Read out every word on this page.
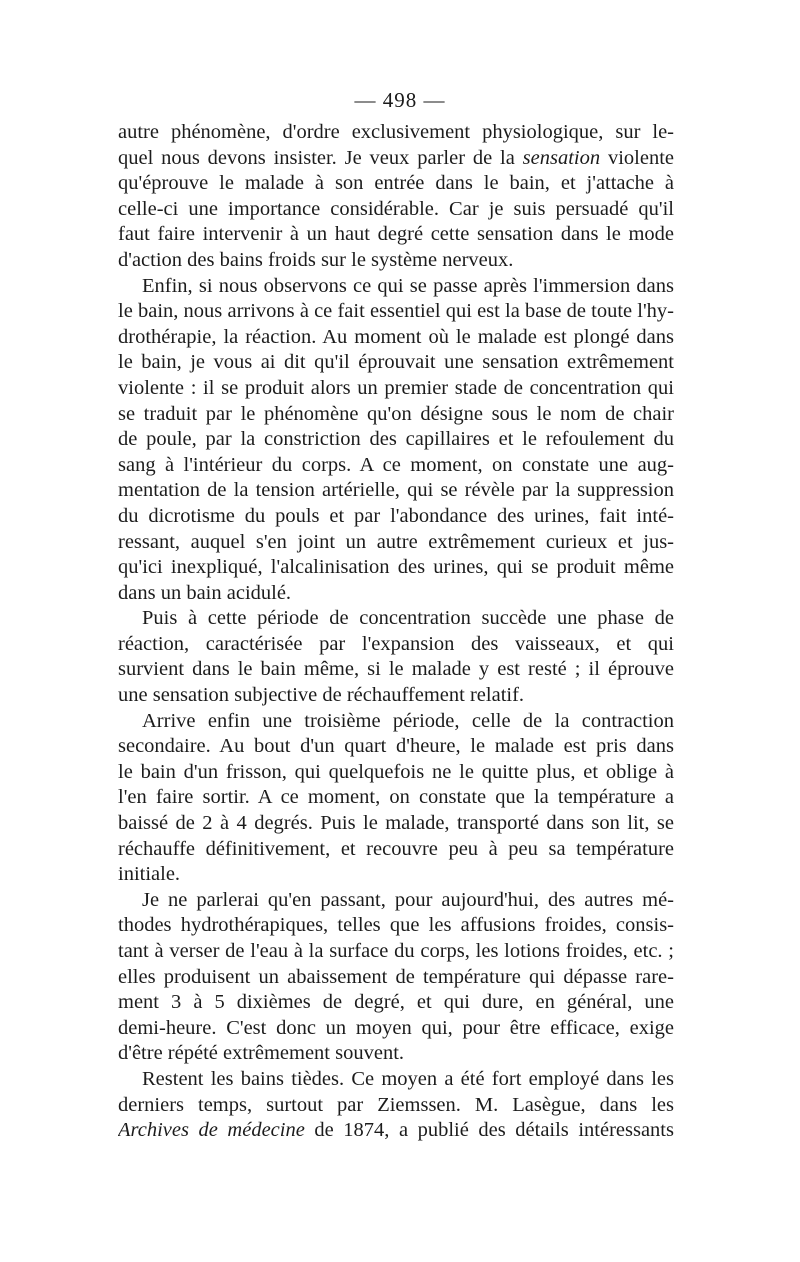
— 498 —
autre phénomène, d'ordre exclusivement physiologique, sur le-
quel nous devons insister. Je veux parler de la sensation violente
qu'éprouve le malade à son entrée dans le bain, et j'attache à
celle-ci une importance considérable. Car je suis persuadé qu'il
faut faire intervenir à un haut degré cette sensation dans le mode
d'action des bains froids sur le système nerveux.
Enfin, si nous observons ce qui se passe après l'immersion dans
le bain, nous arrivons à ce fait essentiel qui est la base de toute l'hy-
drothérapie, la réaction. Au moment où le malade est plongé dans
le bain, je vous ai dit qu'il éprouvait une sensation extrêmement
violente : il se produit alors un premier stade de concentration qui
se traduit par le phénomène qu'on désigne sous le nom de chair
de poule, par la constriction des capillaires et le refoulement du
sang à l'intérieur du corps. A ce moment, on constate une aug-
mentation de la tension artérielle, qui se révèle par la suppression
du dicrotisme du pouls et par l'abondance des urines, fait inté-
ressant, auquel s'en joint un autre extrêmement curieux et jus-
qu'ici inexpliqué, l'alcalinisation des urines, qui se produit même
dans un bain acidulé.
Puis à cette période de concentration succède une phase de
réaction, caractérisée par l'expansion des vaisseaux, et qui
survient dans le bain même, si le malade y est resté ; il éprouve
une sensation subjective de réchauffement relatif.
Arrive enfin une troisième période, celle de la contraction
secondaire. Au bout d'un quart d'heure, le malade est pris dans
le bain d'un frisson, qui quelquefois ne le quitte plus, et oblige à
l'en faire sortir. A ce moment, on constate que la température a
baissé de 2 à 4 degrés. Puis le malade, transporté dans son lit, se
réchauffe définitivement, et recouvre peu à peu sa température
initiale.
Je ne parlerai qu'en passant, pour aujourd'hui, des autres mé-
thodes hydrothérapiques, telles que les affusions froides, consis-
tant à verser de l'eau à la surface du corps, les lotions froides, etc. ;
elles produisent un abaissement de température qui dépasse rare-
ment 3 à 5 dixièmes de degré, et qui dure, en général, une
demi-heure. C'est donc un moyen qui, pour être efficace, exige
d'être répété extrêmement souvent.
Restent les bains tièdes. Ce moyen a été fort employé dans les
derniers temps, surtout par Ziemssen. M. Lasègue, dans les
Archives de médecine de 1874, a publié des détails intéressants
